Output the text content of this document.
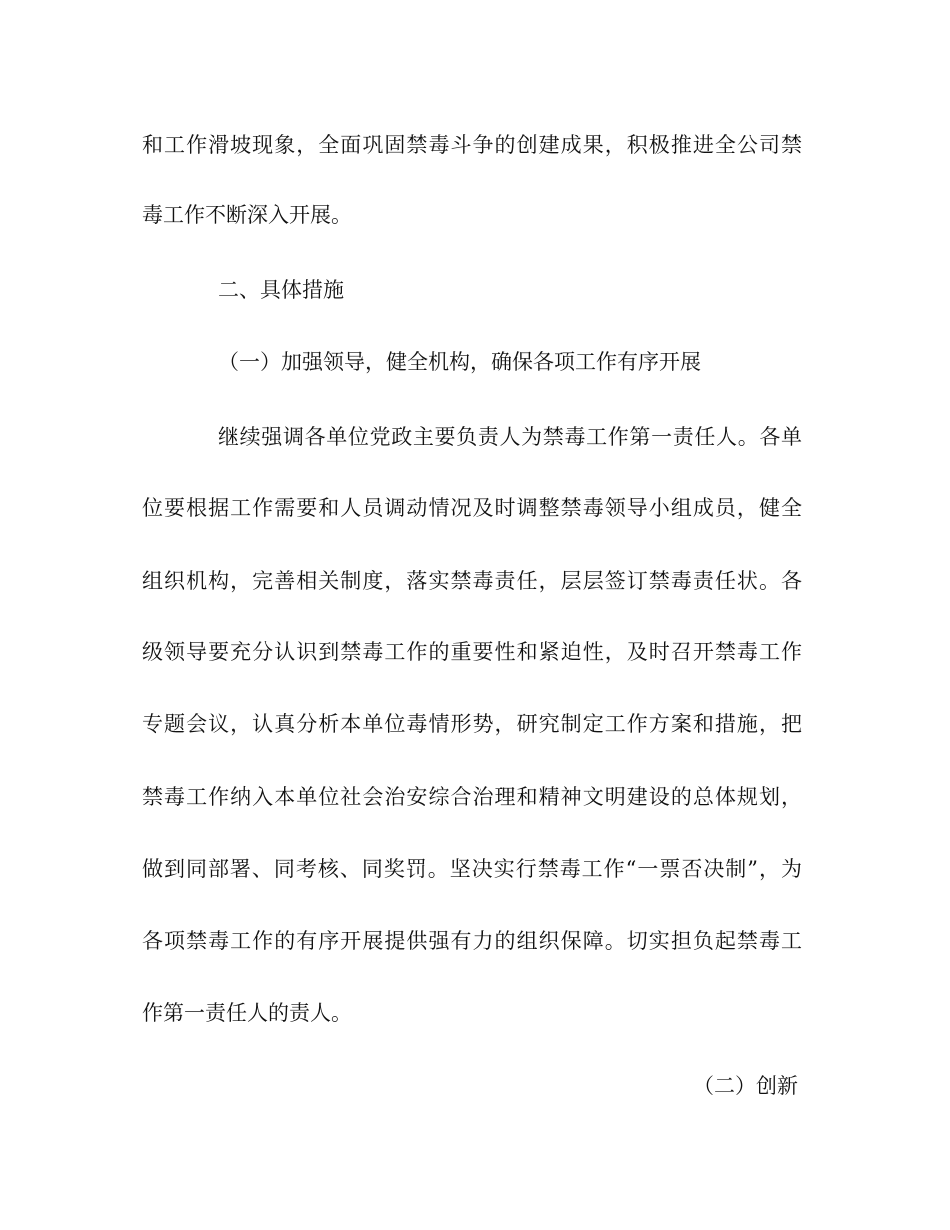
和工作滑坡现象，全面巩固禁毒斗争的创建成果，积极推进全公司禁
毒工作不断深入开展。
二、具体措施
（一）加强领导，健全机构，确保各项工作有序开展
继续强调各单位党政主要负责人为禁毒工作第一责任人。各单
位要根据工作需要和人员调动情况及时调整禁毒领导小组成员，健全
组织机构，完善相关制度，落实禁毒责任，层层签订禁毒责任状。各
级领导要充分认识到禁毒工作的重要性和紧迫性，及时召开禁毒工作
专题会议，认真分析本单位毒情形势，研究制定工作方案和措施，把
禁毒工作纳入本单位社会治安综合治理和精神文明建设的总体规划，
做到同部署、同考核、同奖罚。坚决实行禁毒工作“一票否决制”，为
各项禁毒工作的有序开展提供强有力的组织保障。切实担负起禁毒工
作第一责任人的责人。
（二）创新
